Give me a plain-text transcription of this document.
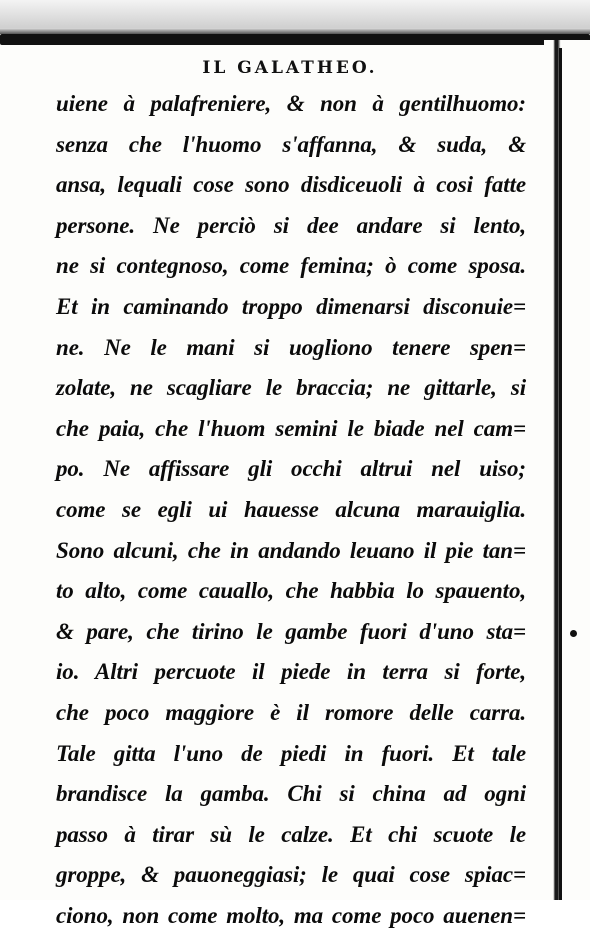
IL GALATHEO.
uiene à palafreniere, & non à gentilhuomo:
senza che l'huomo s'affanna, & suda, &
ansa, lequali cose sono disdiceuoli à cosi fatte
persone. Ne perciò si dee andare si lento,
ne si contegnoso, come femina; ò come sposa.
Et in caminando troppo dimenarsi disconuie=
ne. Ne le mani si uogliono tenere spen=
zolate, ne scagliare le braccia; ne gittarle, si
che paia, che l'huom semini le biade nel cam=
po. Ne affissare gli occhi altrui nel uiso;
come se egli ui hauesse alcuna marauiglia.
Sono alcuni, che in andando leuano il pie tan=
to alto, come cauallo, che habbia lo spauento,
& pare, che tirino le gambe fuori d'uno sta=
io. Altri percuote il piede in terra si forte,
che poco maggiore è il romore delle carra.
Tale gitta l'uno de piedi in fuori. Et tale
brandisce la gamba. Chi si china ad ogni
passo à tirar sù le calze. Et chi scuote le
groppe, & pauoneggiasi; le quai cose spiac=
ciono, non come molto, ma come poco auenen=
